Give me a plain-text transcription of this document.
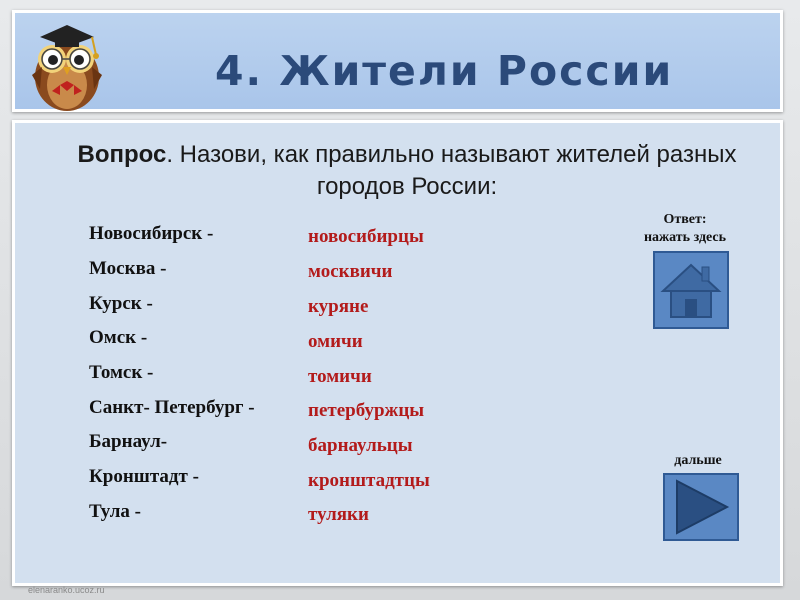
4. Жители России
Вопрос. Назови, как правильно называют жителей разных городов России:
Новосибирск -	новосибирцы
Москва -	москвичи
Курск -	куряне
Омск -	омичи
Томск -	томичи
Санкт- Петербург -	петербуржцы
Барнаул-	барнаульцы
Кронштадт -	кронштадтцы
Тула -	туляки
Ответ:
нажать здесь
дальше
elenaranko.ucoz.ru
